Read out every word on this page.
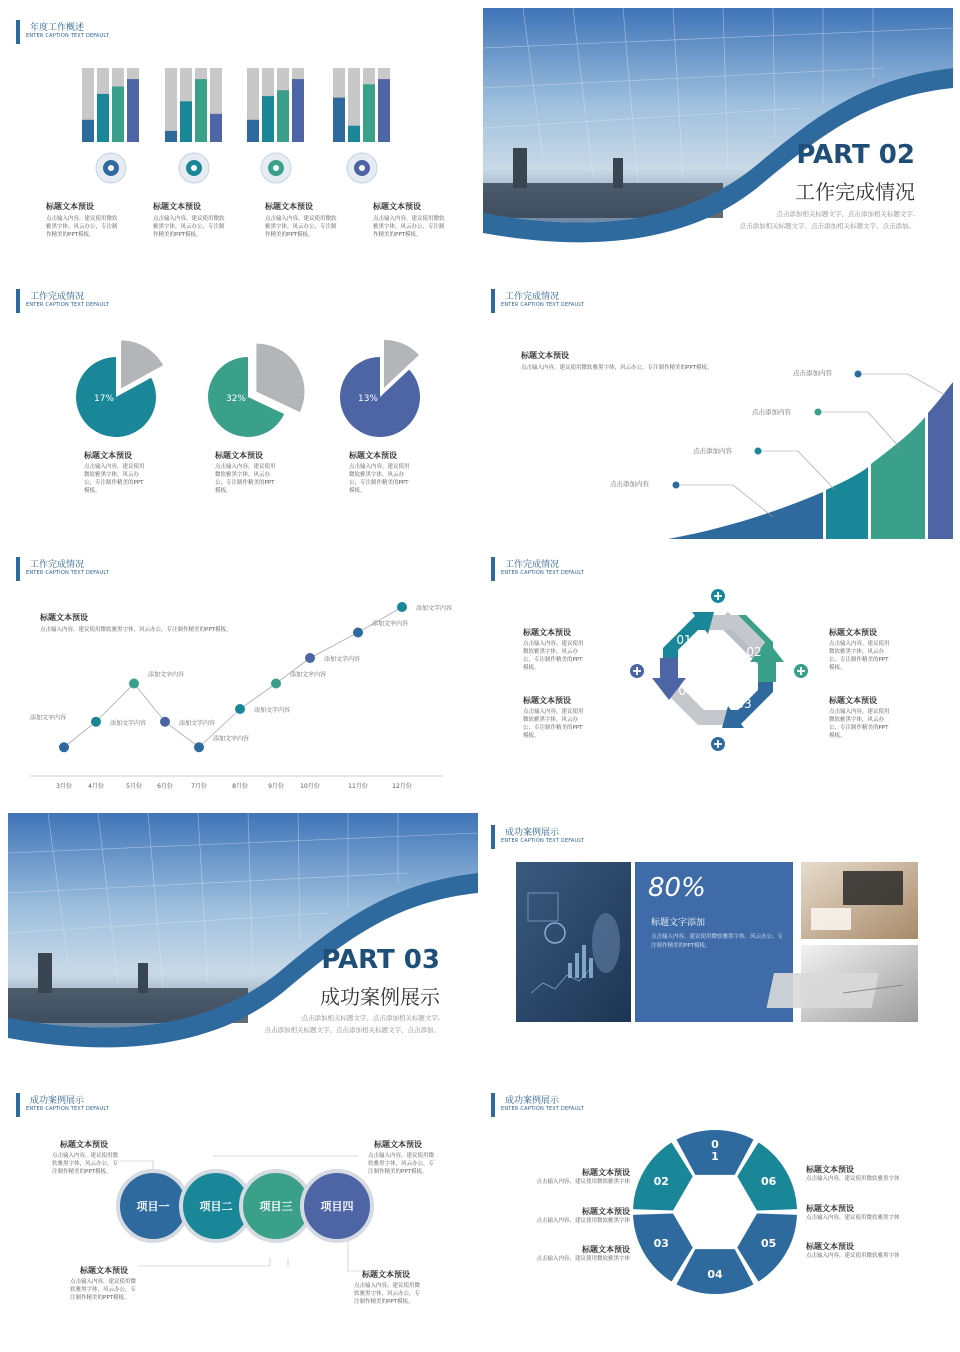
年度工作概述
ENTER CAPTION TEXT DEFAULT
标题文本预设
点击输入内容，建议使用微软雅黑字体，风云办公，专注制作精美的PPT模板。
标题文本预设
点击输入内容，建议使用微软雅黑字体，风云办公，专注制作精美的PPT模板。
标题文本预设
点击输入内容，建议使用微软雅黑字体，风云办公，专注制作精美的PPT模板。
标题文本预设
点击输入内容，建议使用微软雅黑字体，风云办公，专注制作精美的PPT模板。
PART 02
工作完成情况
点击添加相关标题文字、点击添加相关标题文字,
点击添加相关标题文字、点击添加相关标题文字、点击添加。
工作完成情况
ENTER CAPTION TEXT DEFAULT
17%	32%	13%
标题文本预设
点击输入内容，建议使用微软雅黑字体，风云办公，专注制作精美的PPT模板。
标题文本预设
点击输入内容，建议使用微软雅黑字体，风云办公，专注制作精美的PPT模板。
标题文本预设
点击输入内容，建议使用微软雅黑字体，风云办公，专注制作精美的PPT模板。
工作完成情况
ENTER CAPTION TEXT DEFAULT
标题文本预设
点击输入内容，建议使用微软雅黑字体，风云办公，专注制作精美的PPT模板。
点击添加内容
点击添加内容
点击添加内容
点击添加内容
工作完成情况
ENTER CAPTION TEXT DEFAULT
标题文本预设
点击输入内容，建议使用微软雅黑字体，风云办公，专注制作精美的PPT模板。
添加文字内容
3月份
添加文字内容
4月份
添加文字内容
5月份
添加文字内容
6月份
添加文字内容
7月份
添加文字内容
8月份
添加文字内容
9月份
添加文字内容
10月份
添加文字内容
11月份
添加文字内容
12月份
工作完成情况
ENTER CAPTION TEXT DEFAULT
01
02
03
04
标题文本预设
点击输入内容，建议使用微软雅黑字体，风云办公，专注制作精美的PPT模板。
标题文本预设
点击输入内容，建议使用微软雅黑字体，风云办公，专注制作精美的PPT模板。
标题文本预设
点击输入内容，建议使用微软雅黑字体，风云办公，专注制作精美的PPT模板。
标题文本预设
点击输入内容，建议使用微软雅黑字体，风云办公，专注制作精美的PPT模板。
PART 03
成功案例展示
点击添加相关标题文字、点击添加相关标题文字,
点击添加相关标题文字、点击添加相关标题文字、点击添加。
成功案例展示
ENTER CAPTION TEXT DEFAULT
80%
标题文字添加
点击输入内容、建议使用微软雅黑字体、风云办公、专注制作精美的PPT模板。
成功案例展示
ENTER CAPTION TEXT DEFAULT
项目一	项目二 项目三	项目四
标题文本预设
点击输入内容，建议使用微软雅黑字体，风云办公，专注制作精美的PPT模板。
标题文本预设
点击输入内容，建议使用微软雅黑字体，风云办公，专注制作精美的PPT模板。
标题文本预设
点击输入内容，建议使用微软雅黑字体，风云办公，专注制作精美的PPT模板。
标题文本预设
点击输入内容，建议使用微软雅黑字体，风云办公，专注制作精美的PPT模板。
成功案例展示
ENTER CAPTION TEXT DEFAULT
0 1
06
05
04
03
02
标题文本预设
点击输入内容，建议使用微软雅黑字体
标题文本预设
点击输入内容，建议使用微软雅黑字体
标题文本预设
点击输入内容，建议使用微软雅黑字体
标题文本预设
点击输入内容，建议使用微软雅黑字体
标题文本预设
点击输入内容，建议使用微软雅黑字体
标题文本预设
点击输入内容，建议使用微软雅黑字体
